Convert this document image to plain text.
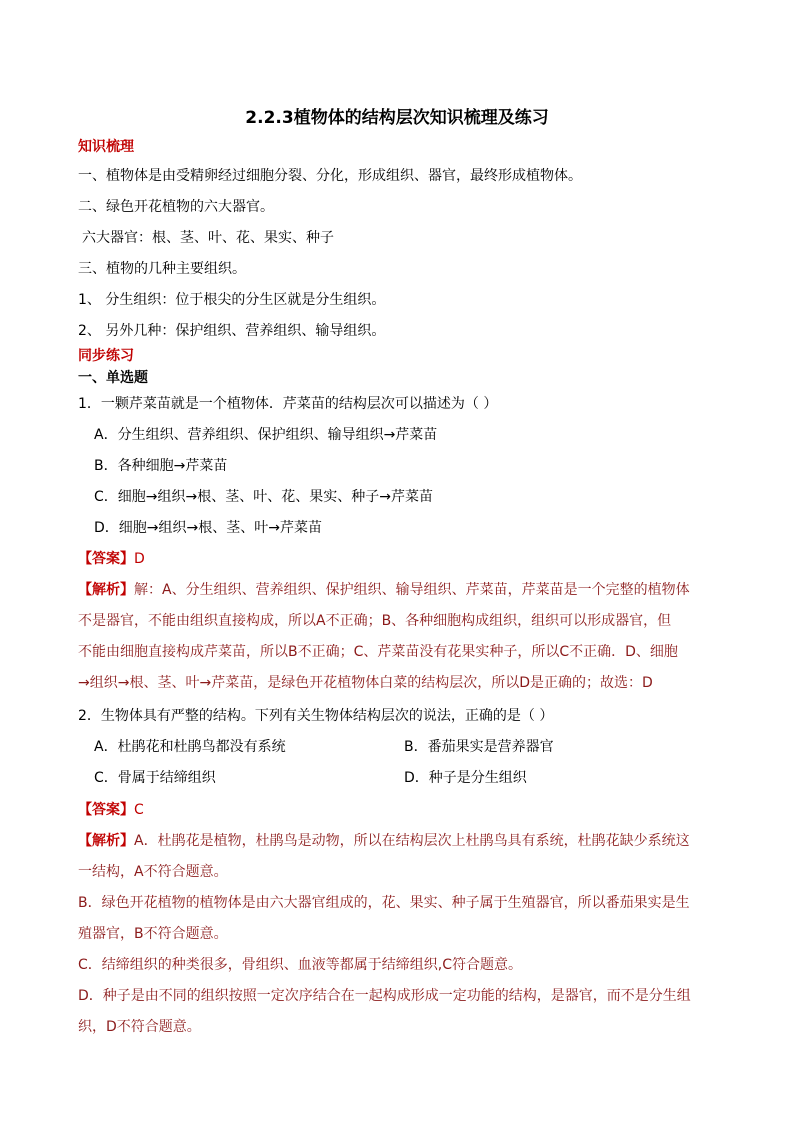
2.2.3植物体的结构层次知识梳理及练习
知识梳理
一、植物体是由受精卵经过细胞分裂、分化，形成组织、器官，最终形成植物体。
二、绿色开花植物的六大器官。
六大器官：根、茎、叶、花、果实、种子
三、植物的几种主要组织。
1、 分生组织：位于根尖的分生区就是分生组织。
2、 另外几种：保护组织、营养组织、输导组织。
同步练习
一、单选题
1．一颗芹菜苗就是一个植物体．芹菜苗的结构层次可以描述为（ ）
A．分生组织、营养组织、保护组织、输导组织→芹菜苗
B．各种细胞→芹菜苗
C．细胞→组织→根、茎、叶、花、果实、种子→芹菜苗
D．细胞→组织→根、茎、叶→芹菜苗
【答案】D
【解析】解：A、分生组织、营养组织、保护组织、输导组织、芹菜苗，芹菜苗是一个完整的植物体
不是器官，不能由组织直接构成，所以A不正确；B、各种细胞构成组织，组织可以形成器官，但
不能由细胞直接构成芹菜苗，所以B不正确；C、芹菜苗没有花果实种子，所以C不正确．D、细胞
→组织→根、茎、叶→芹菜苗，是绿色开花植物体白菜的结构层次，所以D是正确的；故选：D
2．生物体具有严整的结构。下列有关生物体结构层次的说法，正确的是（ ）
A．杜鹃花和杜鹃鸟都没有系统	B．番茄果实是营养器官
C．骨属于结缔组织	D．种子是分生组织
【答案】C
【解析】A．杜鹃花是植物，杜鹃鸟是动物，所以在结构层次上杜鹃鸟具有系统，杜鹃花缺少系统这
一结构，A不符合题意。
B．绿色开花植物的植物体是由六大器官组成的，花、果实、种子属于生殖器官，所以番茄果实是生
殖器官，B不符合题意。
C．结缔组织的种类很多，骨组织、血液等都属于结缔组织,C符合题意。
D．种子是由不同的组织按照一定次序结合在一起构成形成一定功能的结构，是器官，而不是分生组
织，D不符合题意。
